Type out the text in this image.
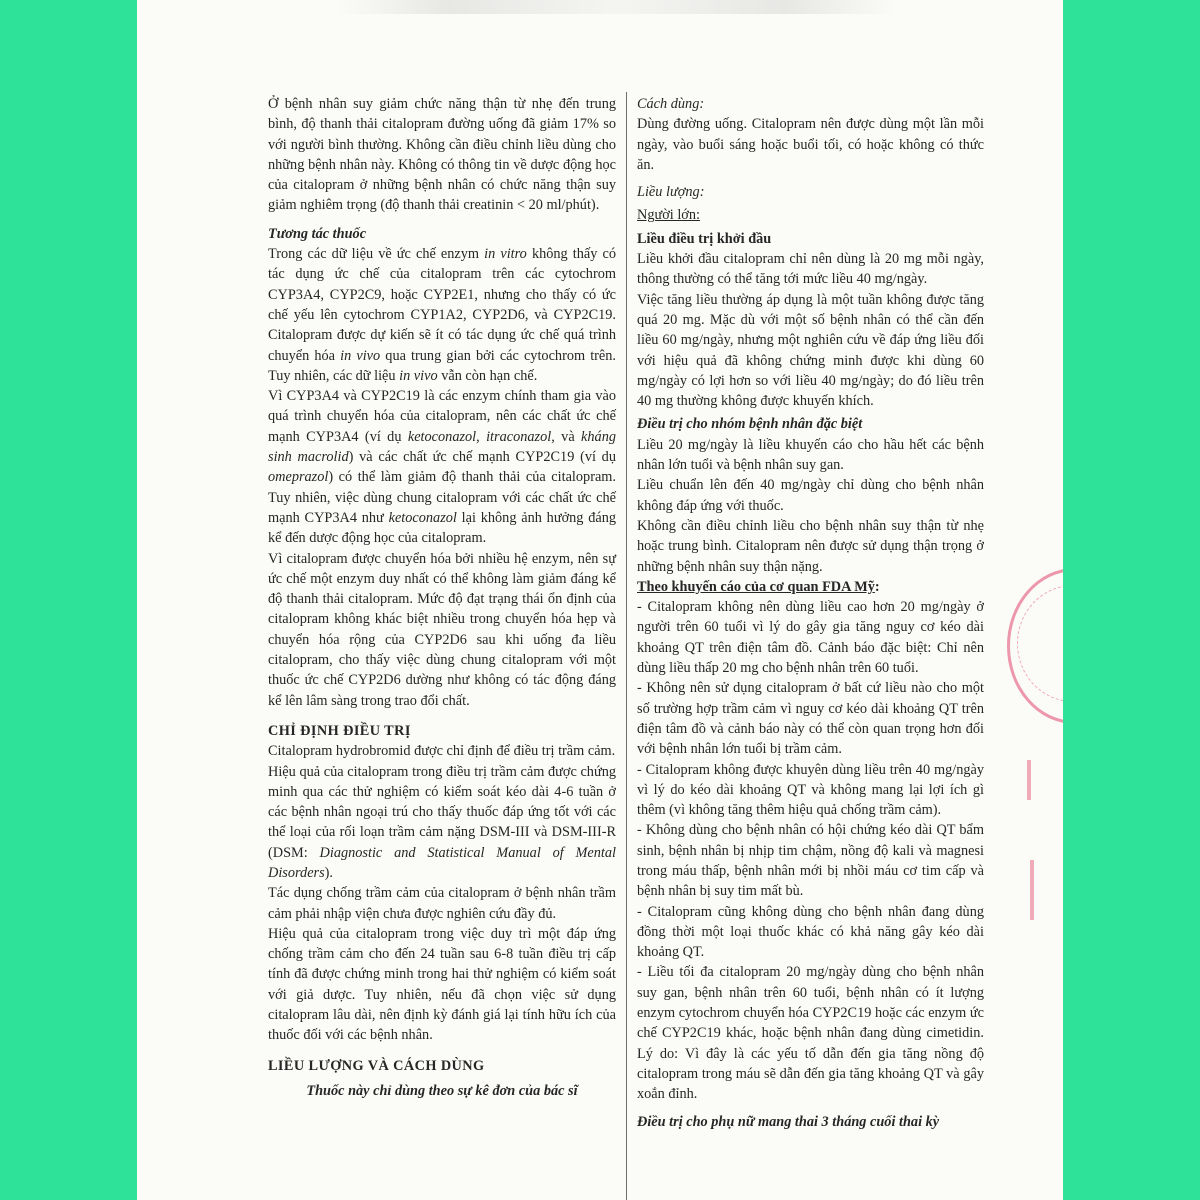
Ở bệnh nhân suy giảm chức năng thận từ nhẹ đến trung bình, độ thanh thải citalopram đường uống đã giảm 17% so với người bình thường. Không cần điều chỉnh liều dùng cho những bệnh nhân này. Không có thông tin về dược động học của citalopram ở những bệnh nhân có chức năng thận suy giảm nghiêm trọng (độ thanh thải creatinin < 20 ml/phút).

Tương tác thuốc

Trong các dữ liệu về ức chế enzym in vitro không thấy có tác dụng ức chế của citalopram trên các cytochrom CYP3A4, CYP2C9, hoặc CYP2E1, nhưng cho thấy có ức chế yếu lên cytochrom CYP1A2, CYP2D6, và CYP2C19. Citalopram được dự kiến sẽ ít có tác dụng ức chế quá trình chuyển hóa in vivo qua trung gian bởi các cytochrom trên. Tuy nhiên, các dữ liệu in vivo vẫn còn hạn chế.

Vì CYP3A4 và CYP2C19 là các enzym chính tham gia vào quá trình chuyển hóa của citalopram, nên các chất ức chế mạnh CYP3A4 (ví dụ ketoconazol, itraconazol, và kháng sinh macrolid) và các chất ức chế mạnh CYP2C19 (ví dụ omeprazol) có thể làm giảm độ thanh thải của citalopram. Tuy nhiên, việc dùng chung citalopram với các chất ức chế mạnh CYP3A4 như ketoconazol lại không ảnh hưởng đáng kể đến dược động học của citalopram.

Vì citalopram được chuyển hóa bởi nhiều hệ enzym, nên sự ức chế một enzym duy nhất có thể không làm giảm đáng kể độ thanh thải citalopram. Mức độ đạt trạng thái ổn định của citalopram không khác biệt nhiều trong chuyển hóa hẹp và chuyển hóa rộng của CYP2D6 sau khi uống đa liều citalopram, cho thấy việc dùng chung citalopram với một thuốc ức chế CYP2D6 dường như không có tác động đáng kể lên lâm sàng trong trao đổi chất.

CHỈ ĐỊNH ĐIỀU TRỊ

Citalopram hydrobromid được chỉ định để điều trị trầm cảm.

Hiệu quả của citalopram trong điều trị trầm cảm được chứng minh qua các thử nghiệm có kiểm soát kéo dài 4-6 tuần ở các bệnh nhân ngoại trú cho thấy thuốc đáp ứng tốt với các thể loại của rối loạn trầm cảm nặng DSM-III và DSM-III-R (DSM: Diagnostic and Statistical Manual of Mental Disorders).

Tác dụng chống trầm cảm của citalopram ở bệnh nhân trầm cảm phải nhập viện chưa được nghiên cứu đầy đủ.

Hiệu quả của citalopram trong việc duy trì một đáp ứng chống trầm cảm cho đến 24 tuần sau 6-8 tuần điều trị cấp tính đã được chứng minh trong hai thử nghiệm có kiểm soát với giả dược. Tuy nhiên, nếu đã chọn việc sử dụng citalopram lâu dài, nên định kỳ đánh giá lại tính hữu ích của thuốc đối với các bệnh nhân.

LIỀU LƯỢNG VÀ CÁCH DÙNG

Thuốc này chỉ dùng theo sự kê đơn của bác sĩ

Cách dùng:

Dùng đường uống. Citalopram nên được dùng một lần mỗi ngày, vào buổi sáng hoặc buổi tối, có hoặc không có thức ăn.

Liều lượng:

Người lớn:

Liều điều trị khởi đầu

Liều khởi đầu citalopram chỉ nên dùng là 20 mg mỗi ngày, thông thường có thể tăng tới mức liều 40 mg/ngày.

Việc tăng liều thường áp dụng là một tuần không được tăng quá 20 mg. Mặc dù với một số bệnh nhân có thể cần đến liều 60 mg/ngày, nhưng một nghiên cứu về đáp ứng liều đối với hiệu quả đã không chứng minh được khi dùng 60 mg/ngày có lợi hơn so với liều 40 mg/ngày; do đó liều trên 40 mg thường không được khuyến khích.

Điều trị cho nhóm bệnh nhân đặc biệt

Liều 20 mg/ngày là liều khuyến cáo cho hầu hết các bệnh nhân lớn tuổi và bệnh nhân suy gan.

Liều chuẩn lên đến 40 mg/ngày chỉ dùng cho bệnh nhân không đáp ứng với thuốc.

Không cần điều chỉnh liều cho bệnh nhân suy thận từ nhẹ hoặc trung bình. Citalopram nên được sử dụng thận trọng ở những bệnh nhân suy thận nặng.

Theo khuyến cáo của cơ quan FDA Mỹ:

- Citalopram không nên dùng liều cao hơn 20 mg/ngày ở người trên 60 tuổi vì lý do gây gia tăng nguy cơ kéo dài khoảng QT trên điện tâm đồ. Cảnh báo đặc biệt: Chỉ nên dùng liều thấp 20 mg cho bệnh nhân trên 60 tuổi.

- Không nên sử dụng citalopram ở bất cứ liều nào cho một số trường hợp trầm cảm vì nguy cơ kéo dài khoảng QT trên điện tâm đồ và cảnh báo này có thể còn quan trọng hơn đối với bệnh nhân lớn tuổi bị trầm cảm.

- Citalopram không được khuyên dùng liều trên 40 mg/ngày vì lý do kéo dài khoảng QT và không mang lại lợi ích gì thêm (vì không tăng thêm hiệu quả chống trầm cảm).

- Không dùng cho bệnh nhân có hội chứng kéo dài QT bẩm sinh, bệnh nhân bị nhịp tim chậm, nồng độ kali và magnesi trong máu thấp, bệnh nhân mới bị nhồi máu cơ tim cấp và bệnh nhân bị suy tim mất bù.

- Citalopram cũng không dùng cho bệnh nhân đang dùng đồng thời một loại thuốc khác có khả năng gây kéo dài khoảng QT.

- Liều tối đa citalopram 20 mg/ngày dùng cho bệnh nhân suy gan, bệnh nhân trên 60 tuổi, bệnh nhân có ít lượng enzym cytochrom chuyển hóa CYP2C19 hoặc các enzym ức chế CYP2C19 khác, hoặc bệnh nhân đang dùng cimetidin. Lý do: Vì đây là các yếu tố dẫn đến gia tăng nồng độ citalopram trong máu sẽ dẫn đến gia tăng khoảng QT và gây xoắn đỉnh.

Điều trị cho phụ nữ mang thai 3 tháng cuối thai kỳ
